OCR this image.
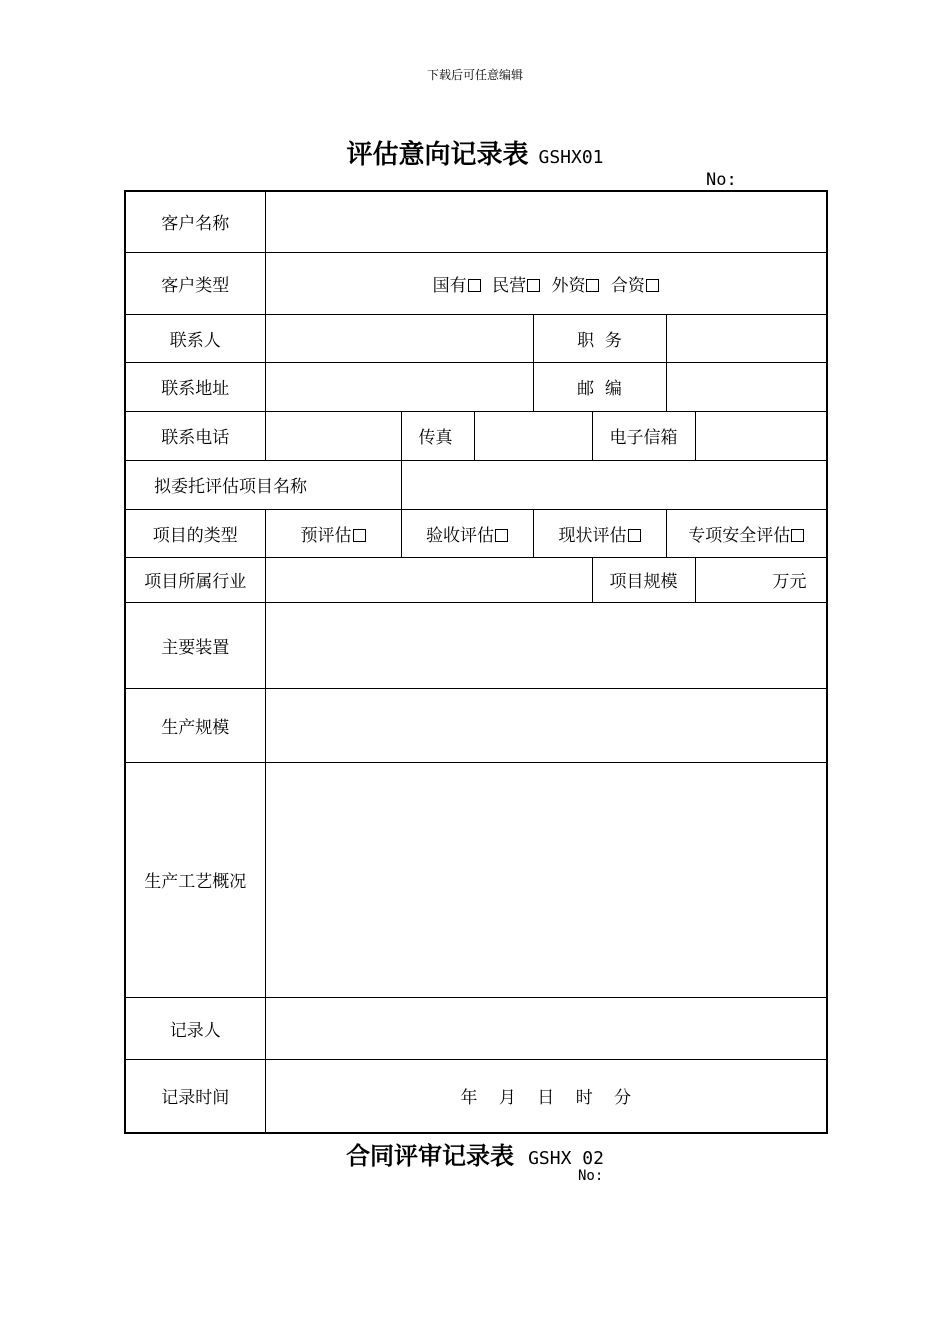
下载后可任意编辑
评估意向记录表 GSHX01
No:
客户名称							
客户类型	国有 民营 外资 合资						
联系人				职  务			
联系地址				邮  编			
联系电话		传真			电子信箱		
拟委托评估项目名称							
项目的类型	预评估	验收评估		现状评估		专项安全评估	
项目所属行业					项目规模		万元
主要装置							
生产规模							
生产工艺概况							
记录人							
记录时间	年 月 日 时 分						
合同评审记录表 GSHX 02
No:
